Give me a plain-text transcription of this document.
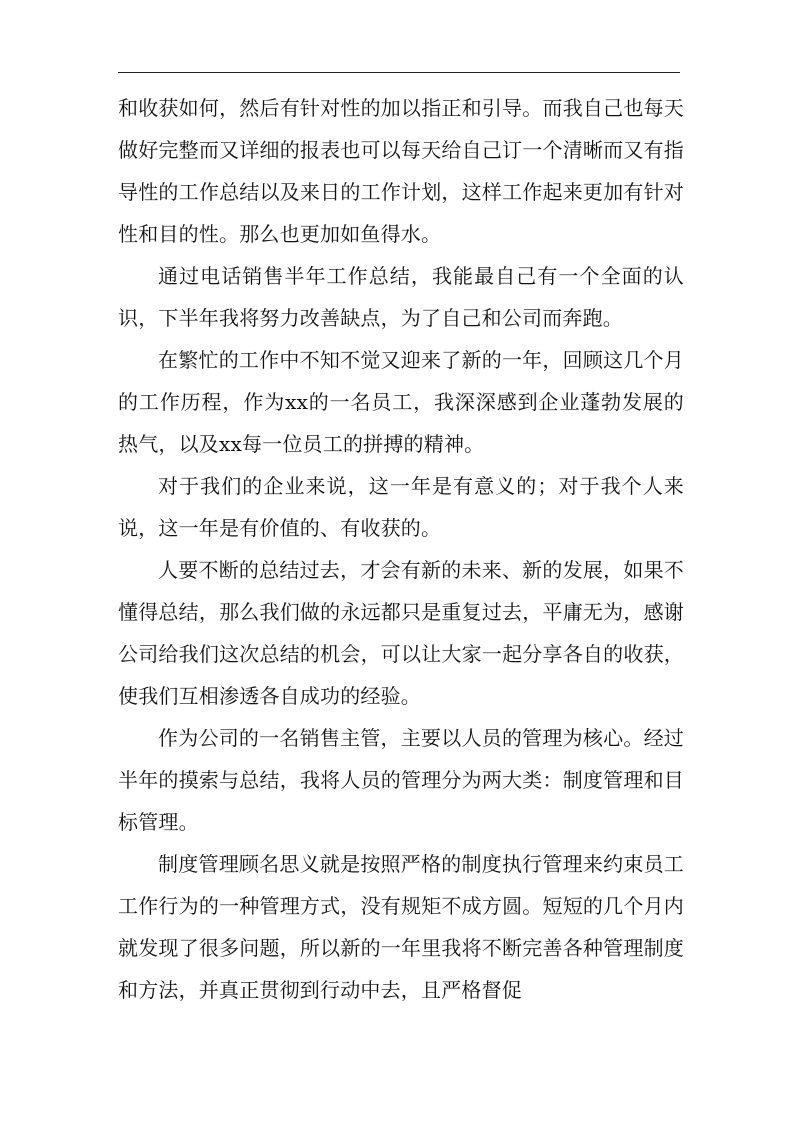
和收获如何，然后有针对性的加以指正和引导。而我自己也每天做好完整而又详细的报表也可以每天给自己订一个清晰而又有指导性的工作总结以及来日的工作计划，这样工作起来更加有针对性和目的性。那么也更加如鱼得水。

通过电话销售半年工作总结，我能最自己有一个全面的认识，下半年我将努力改善缺点，为了自己和公司而奔跑。

在繁忙的工作中不知不觉又迎来了新的一年，回顾这几个月的工作历程，作为xx的一名员工，我深深感到企业蓬勃发展的热气，以及xx每一位员工的拼搏的精神。

对于我们的企业来说，这一年是有意义的；对于我个人来说，这一年是有价值的、有收获的。

人要不断的总结过去，才会有新的未来、新的发展，如果不懂得总结，那么我们做的永远都只是重复过去，平庸无为，感谢公司给我们这次总结的机会，可以让大家一起分享各自的收获，使我们互相渗透各自成功的经验。

作为公司的一名销售主管，主要以人员的管理为核心。经过半年的摸索与总结，我将人员的管理分为两大类：制度管理和目标管理。

制度管理顾名思义就是按照严格的制度执行管理来约束员工工作行为的一种管理方式，没有规矩不成方圆。短短的几个月内就发现了很多问题，所以新的一年里我将不断完善各种管理制度和方法，并真正贯彻到行动中去，且严格督促
